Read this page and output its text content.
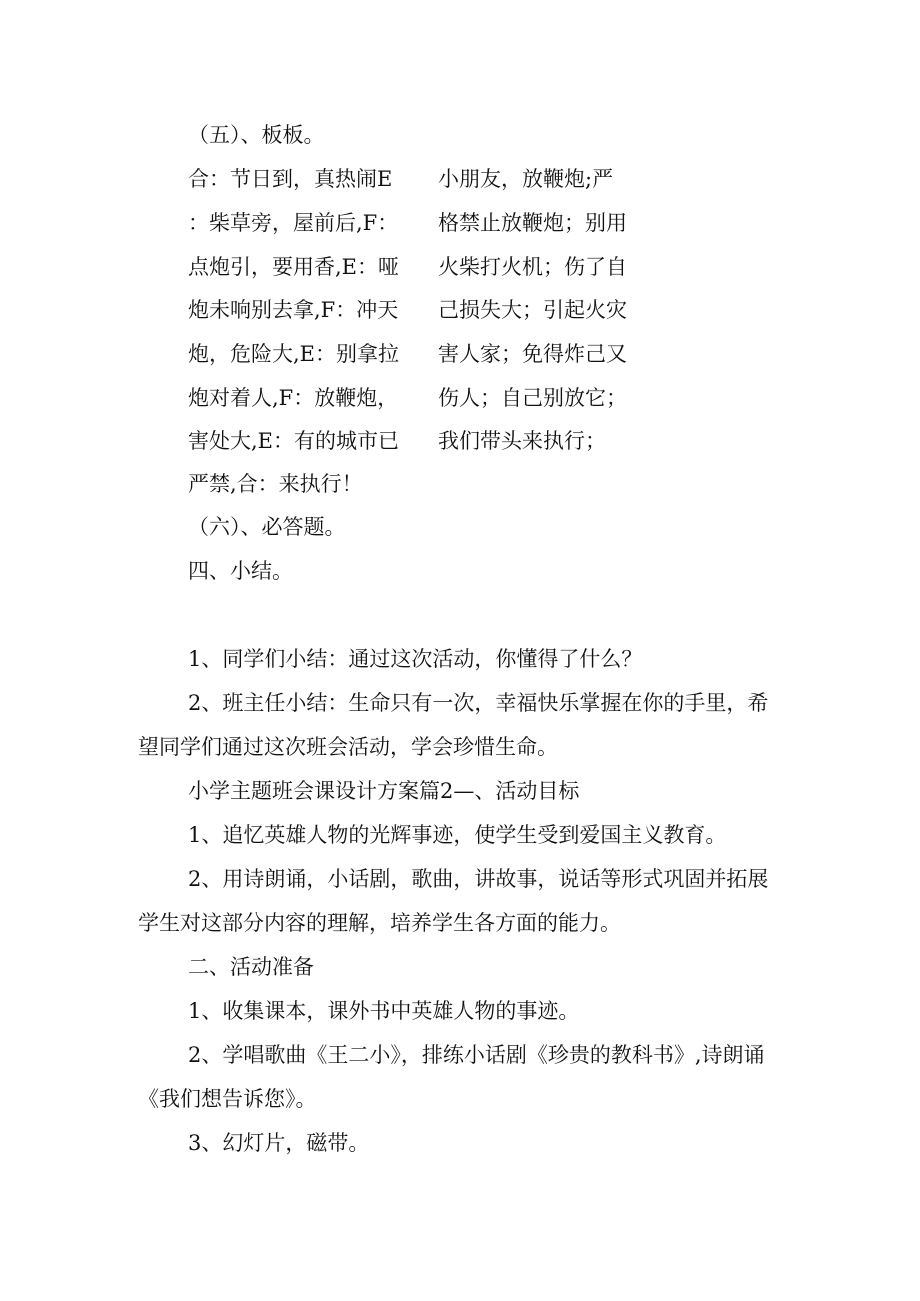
（五）、板板。
合：节日到，真热闹E
：柴草旁，屋前后,F：
点炮引，要用香,E：哑
炮未响别去拿,F：冲天
炮，危险大,E：别拿拉
炮对着人,F：放鞭炮，
害处大,E：有的城市已
严禁,合：来执行！
小朋友，放鞭炮;严
格禁止放鞭炮；别用
火柴打火机；伤了自
己损失大；引起火灾
害人家；免得炸己又
伤人；自己别放它；
我们带头来执行；
（六）、必答题。
四、小结。
1、同学们小结：通过这次活动，你懂得了什么？
2、班主任小结：生命只有一次，幸福快乐掌握在你的手里，希
望同学们通过这次班会活动，学会珍惜生命。
小学主题班会课设计方案篇2—、活动目标
1、追忆英雄人物的光辉事迹，使学生受到爱国主义教育。
2、用诗朗诵，小话剧，歌曲，讲故事，说话等形式巩固并拓展
学生对这部分内容的理解，培养学生各方面的能力。
二、活动准备
1、收集课本，课外书中英雄人物的事迹。
2、学唱歌曲《王二小》，排练小话剧《珍贵的教科书》,诗朗诵
《我们想告诉您》。
3、幻灯片，磁带。
